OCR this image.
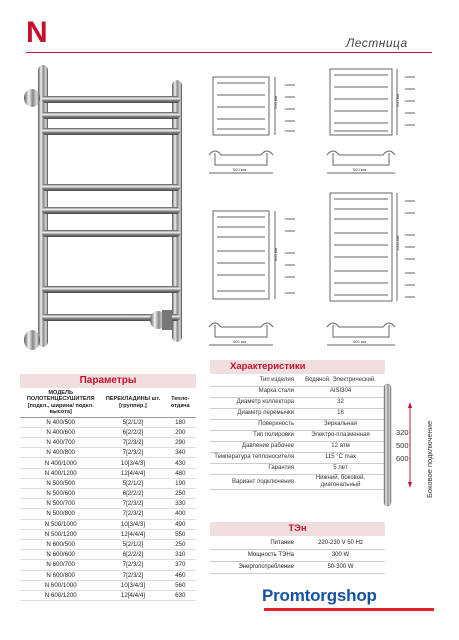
N	Лестница
500 мм
500 мм
600 мм
500 мм
800 мм
500 мм
1000 мм
500 мм
Параметры
МОДЕЛЬ ПОЛОТЕНЦЕСУШИТЕЛЯ [подкл., ширина/ подкл. высота]	ПЕРЕКЛАДИНЫ шт. [группир.]	Тепло-отдача
N 400/500	5[2/1/2]	180
N 400/600	6[2/2/2]	200
N 400/700	7[2/3/2]	290
N 400/800	7[2/3/2]	340
N 400/1000	10[3/4/3]	430
N 400/1200	12[4/4/4]	480
N 500/500	5[2/1/2]	190
N 500/600	6[2/2/2]	250
N 500/700	7[2/3/2]	330
N 500/800	7[2/3/2]	400
N 500/1000	10[3/4/3]	490
N 500/1200	12[4/4/4]	550
N 600/500	5[2/1/2]	250
N 600/600	6[2/2/2]	310
N 600/700	7[2/3/2]	370
N 600/800	7[2/3/2]	460
N 600/1000	10[3/4/3]	560
N 600/1200	12[4/4/4]	630
Характеристики
Тип изделия	Водяной. Электрический.
Марка стали	AISI304
Диаметр коллектора	32
Диаметр перемычки	18
Поверхность	Зеркальная
Тип полировки	Электро-плазменная
Давление рабочее	12 атм
Температура теплоносителя	115 °C max
Гарантия	5 лет
Вариант подключения	Нижний, боковой, диагональный
ТЭн
Питание	220-230 V 50 Hz
Мощность ТЭНа	300 W
Энергопотребление	50-300 W
320
500
600 Боковое подключение
Promtorgshop
